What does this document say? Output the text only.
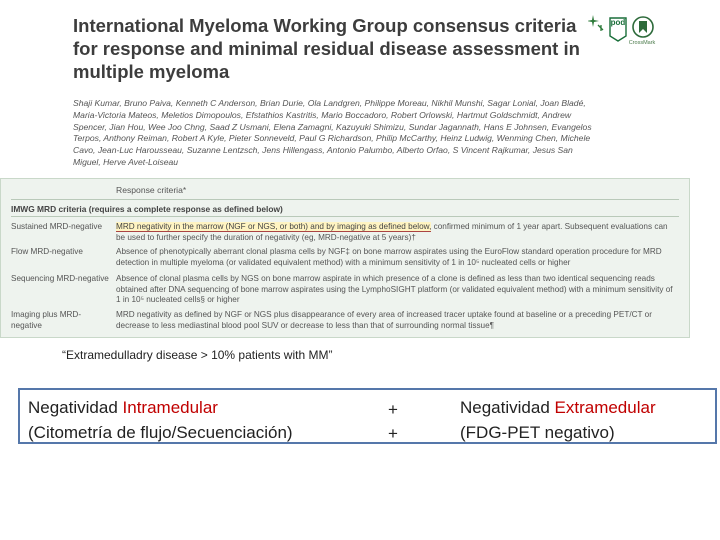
International Myeloma Working Group consensus criteria for response and minimal residual disease assessment in multiple myeloma
Shaji Kumar, Bruno Paiva, Kenneth C Anderson, Brian Durie, Ola Landgren, Philippe Moreau, Nikhil Munshi, Sagar Lonial, Joan Bladé, Maria-Victoria Mateos, Meletios Dimopoulos, Efstathios Kastritis, Mario Boccadoro, Robert Orlowski, Hartmut Goldschmidt, Andrew Spencer, Jian Hou, Wee Joo Chng, Saad Z Usmani, Elena Zamagni, Kazuyuki Shimizu, Sundar Jagannath, Hans E Johnsen, Evangelos Terpos, Anthony Reiman, Robert A Kyle, Pieter Sonneveld, Paul G Richardson, Philip McCarthy, Heinz Ludwig, Wenming Chen, Michele Cavo, Jean-Luc Harousseau, Suzanne Lentzsch, Jens Hillengass, Antonio Palumbo, Alberto Orfao, S Vincent Rajkumar, Jesus San Miguel, Herve Avet-Loiseau
pod
CrossMark
Response criteria*
IMWG MRD criteria (requires a complete response as defined below)
Sustained MRD-negative	MRD negativity in the marrow (NGF or NGS, or both) and by imaging as defined below, confirmed minimum of 1 year apart. Subsequent evaluations can be used to further specify the duration of negativity (eg, MRD-negative at 5 years)†
Flow MRD-negative	Absence of phenotypically aberrant clonal plasma cells by NGF‡ on bone marrow aspirates using the EuroFlow standard operation procedure for MRD detection in multiple myeloma (or validated equivalent method) with a minimum sensitivity of 1 in 10⁵ nucleated cells or higher
Sequencing MRD-negative Absence of clonal plasma cells by NGS on bone marrow aspirate in which presence of a clone is defined as less than two identical sequencing reads obtained after DNA sequencing of bone marrow aspirates using the LymphoSIGHT platform (or validated equivalent method) with a minimum sensitivity of 1 in 10⁵ nucleated cells§ or higher
Imaging plus MRD-negative
MRD negativity as defined by NGF or NGS plus disappearance of every area of increased tracer uptake found at baseline or a preceding PET/CT or decrease to less mediastinal blood pool SUV or decrease to less than that of surrounding normal tissue¶
“Extramedulladry disease > 10% patients with MM”
Negatividad Intramedular
(Citometría de flujo/Secuenciación)
+
+
Negatividad Extramedular
(FDG-PET negativo)
